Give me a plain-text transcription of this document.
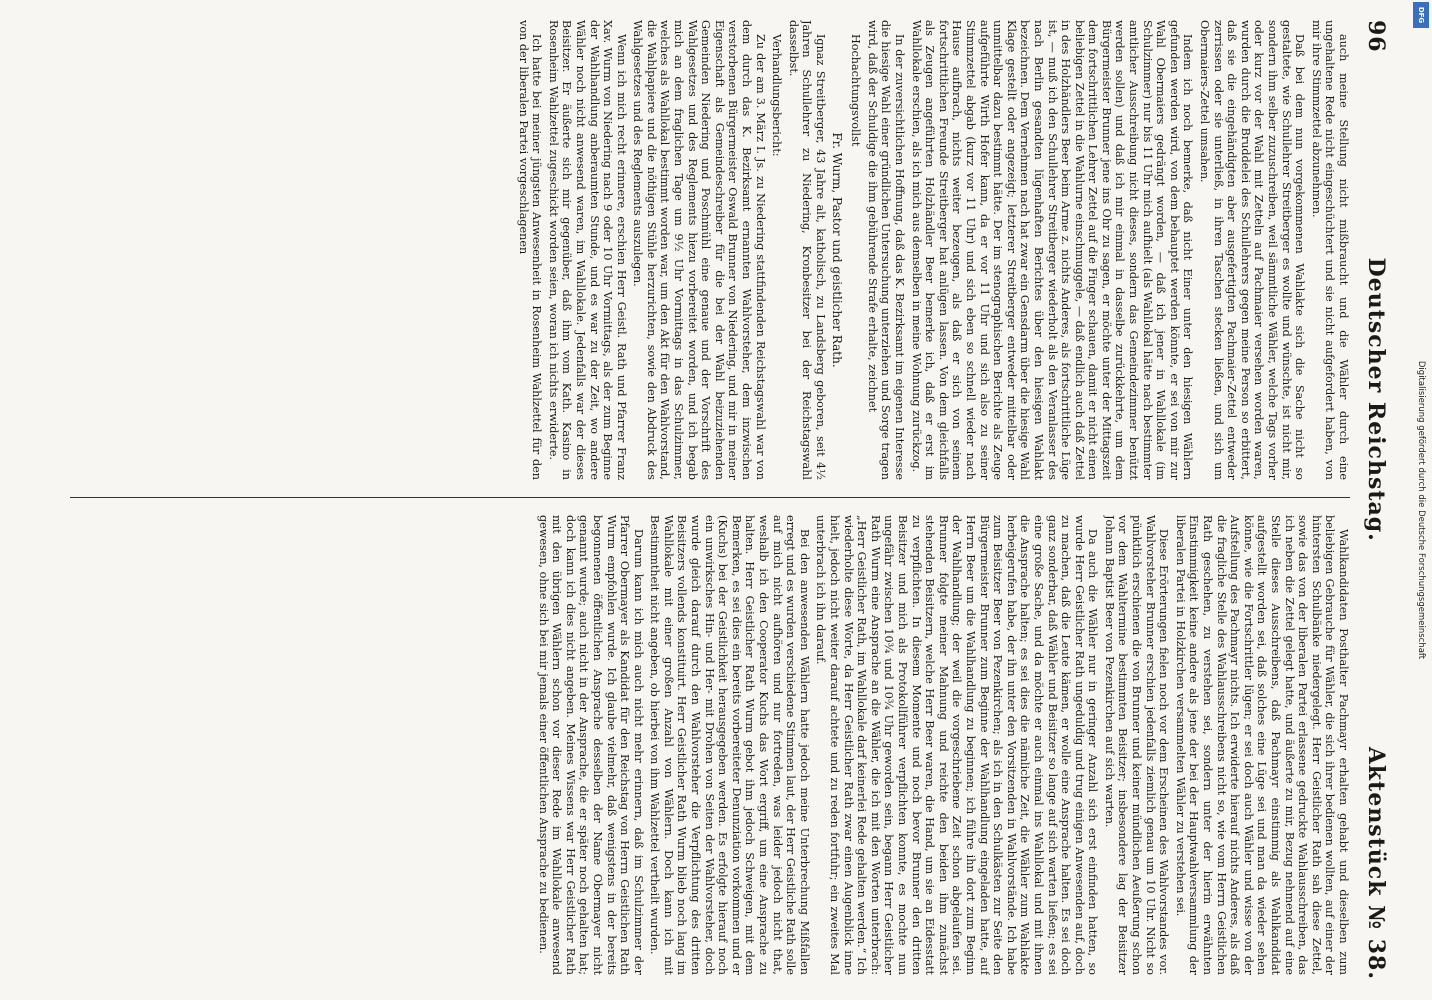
96
Deutscher Reichstag.
Aktenstück № 38.

auch meine Stellung nicht mißbraucht und die Wähler durch eine ungehaltene Rede nicht eingeschüchtert und sie nicht aufgefordert haben, von mir ihre Stimmzettel abzunehmen.

Daß bei dem nun vorgekommenen Wahlakte sich die Sache nicht so gestaltete, wie Schullehrer Streitberger es wollte und wünschte, ist nicht mir, sondern ihm selber zuzuschreiben, weil sämmtliche Wähler, welche Tags vorher oder kurz vor der Wahl mit Zetteln auf Pachmaier versehen worden waren, wurden durch die Bruddelei des Schullehrers gegen meine Person so erbittert, daß sie die eingehändigten aber ausgefertigten Pachmaier-Zettel entweder zerrissen oder sie unterließ, in ihren Taschen stecken ließen, und sich um Obermaiers-Zettel umsahen.

Indem ich noch bemerke, daß nicht Einer unter den hiesigen Wählern gefunden werden wird, von dem behauptet werden könnte, er sei von mir zur Wahl Obermaiers gedrängt worden, — daß ich jener in Wahllokale (im Schulzimmer) nur bis 11 Uhr mich aufhielt (als Wahllokal hätte nach bestimmter amtlicher Ausschreibung nicht dieses, sondern das Gemeindezimmer benützt werden sollen) und daß ich mir einmal in dasselbe zurückkehrte, um dem Bürgermeister Brunner jene ins Ohr zu sagen, er möchte unter der Mittagszeit dem fortschrittlichen Lehrer Zettel auf die Finger schauen, damit er nicht einen beliebigen Zettel in die Wahlurne einschmuggele, — daß endlich auch daß Zettel in des Holzhändlers Beer beim Arme z. nichts Anderes, als fortschrittliche Lüge ist, — muß ich den Schullehrer Streitberger wiederholt als den Veranlasser des nach Berlin gesandten lügenhaften Berichtes über den hiesigen Wahlakt bezeichnen. Dem Vernehmen nach hat zwar ein Gensdarm über die hiesige Wahl Klage gestellt oder angezeigt; letzterer Streitberger entweder mittelbar oder unmittelbar dazu bestimmt hätte. Der im stenographischen Berichte als Zeuge aufgeführte Wirth Hofer kann, da er vor 11 Uhr und sich also zu seiner Stimmzettel abgab (kurz vor 11 Uhr) und sich eben so schnell wieder nach Hause aufbrach, nichts weiter bezeugen, als daß er sich von seinem fortschrittlichen Freunde Streitberger hat anlügen lassen. Von dem gleichfalls als Zeugen angeführten Holzhändler Beer bemerke ich, daß er erst im Wahllokale erschien, als ich mich aus demselben in meine Wohnung zurückzog.

In der zuversichtlichen Hoffnung, daß das K. Bezirksamt im eigenen Interesse die hiesige Wahl einer gründlichen Untersuchung unterziehen und Sorge tragen wird, daß der Schuldige die ihm gebührende Strafe erhalte, zeichnet

Hochachtungsvollst

Fr. Wurm, Pastor und geistlicher Rath.

Ignaz Streitberger, 43 Jahre alt, katholisch, zu Landsberg geboren, seit 4½ Jahren Schullehrer zu Niedering, Kronbesitzer bei der Reichstagswahl dasselbst.

Verhandlungsbericht:

Zu der am 3. März I. Js. zu Niedering stattfindenden Reichstagswahl war von dem durch das K. Bezirksamt ernannten Wahlvorsteher, dem inzwischen verstorbenen Bürgermeister Oswald Brunner von Niedering, und mir in meiner Eigenschaft als Gemeindeschreiber für die bei der Wahl beizuziehenden Gemeinden Niedering und Poschmühl eine genaue und der Vorschrift des Wahlgesetzes und des Reglements hiezu vorbereitet worden, und ich begab mich an dem fraglichen Tage um 9½ Uhr Vormittags in das Schulzimmer, welches als Wahllokal bestimmt worden war, um den Akt für den Wahlvorstand, die Wahlpapiere und die nöthigen Stühle herzurichten, sowie den Abdruck des Wahlgesetzes und des Reglements auszulegen.

Wenn ich mich recht erinnere, erschien Herr Geistl. Rath und Pfarrer Franz Xav. Wurm von Niedering nach 9 oder 10 Uhr Vormittags, als der zum Beginne der Wahlhandlung anberaumten Stunde, und es war zu der Zeit, wo andere Wähler noch nicht anwesend waren, im Wahllokale. Jedenfalls war der dieses Beisitzer. Er äußerte sich mir gegenüber, daß ihm vom Kath. Kasino in Rosenheim Wahlzettel zugeschickt worden seien, woran ich nichts erwiderte.

Ich hatte bei meiner jüngsten Anwesenheit in Rosenheim Wahlzettel für den von der liberalen Partei vorgeschlagenen

Wahlkandidaten Posthalter Pachmayr erhalten gehabt und dieselben zum beliebigen Gebrauche für Wähler, die sich ihrer bedienen wollten, auf einer der hintersten Schulbänke niedergelegt. Herr Geistlicher Rath sah diese Zettel, sowie das von der liberalen Partei erlassene gedruckte Wahlausschreiben, das ich neben die Zettel gelegt hatte, und äußerte zu mir, Bezug nehmend auf eine Stelle dieses Ausschreibens, daß Pachmayr einstimmig als Wahlkandidat aufgestellt worden sei, daß solches eine Lüge sei und man da wieder sehen könne, wie die Fortschrittler lügen; er sei doch auch Wähler und wisse von der Aufstellung des Pachmayr nichts. Ich erwiderte hierauf nichts Anderes, als daß die fragliche Stelle des Wahlausschreibens nicht so, wie vom Herrn Geistlichen Rath geschehen, zu verstehen sei, sondern unter der hierin erwähnten Einstimmigkeit keine andere als jene der bei der Hauptwahlversammlung der liberalen Partei in Holzkirchen versammelten Wähler zu verstehen sei.

Diese Erörterungen fielen noch vor dem Erscheinen des Wahlvorstandes vor. Wahlvorsteher Brunner erschien jedenfalls ziemlich genau um 10 Uhr. Nicht so pünktlich erschienen die von Brunner und keiner mündlichen Aeußerung schon vor dem Wahltermine bestimmten Beisitzer; insbesondere lag der Beisitzer Johann Baptist Beer von Pezenkirchen auf sich warten.

Da auch die Wähler nur in geringer Anzahl sich erst einfinden hatten, so wurde Herr Geistlicher Rath ungeduldig und trug einigen Anwesenden auf, doch zu machen, daß die Leute kämen, er wolle eine Ansprache halten. Es sei doch ganz sonderbar, daß Wähler und Beisitzer so lange auf sich warten ließen; es sei eine große Sache, und da möchte er auch einmal ins Wahllokal und mit ihnen die Ansprache halten; es sei dies die nämliche Zeit, die Wähler zum Wahlakte herbeigerufen habe, der ihn unter den Vorsitzenden in Wahlvorstände. Ich habe zum Beisitzer Beer von Pezenkirchen; als ich in den Schulkästen zur Seite den Bürgermeister Brunner zum Beginne der Wahlhandlung eingeladen hatte, auf Herrn Beer um die Wahlhandlung zu beginnen; ich führe ihn dort zum Beginn der Wahlhandlung; der weil die vorgeschriebene Zeit schon abgelaufen sei. Brunner folgte meiner Mahnung und reichte den beiden ihm zunächst stehenden Beisitzern, welche Herr Beer waren, die Hand, um sie an Eidesstatt zu verpflichten. In diesem Momente und noch bevor Brunner den dritten Beisitzer und mich als Protokollführer verpflichten konnte, es mochte nun ungefähr zwischen 10¾ und 10¾ Uhr geworden sein, begann Herr Geistlicher Rath Wurm eine Ansprache an die Wähler, die ich mit den Worten unterbrach: „Herr Geistlicher Rath, im Wahllokale darf keinerlei Rede gehalten werden.“ Ich wiederholte diese Worte, da Herr Geistlicher Rath zwar einen Augenblick inne hielt, jedoch nicht weiter darauf achtete und zu reden fortfuhr; ein zweites Mal unterbrach ich ihn darauf.

Bei den anwesenden Wählern hatte jedoch meine Unterbrechung Mißfallen erregt und es wurden verschiedene Stimmen laut, der Herr Geistliche Rath solle auf mich nicht aufhören und nur fortreden, was leider jedoch nicht that, weshalb ich den Cooperator Kuchs das Wort ergriff, um eine Ansprache zu halten. Herr Geistlicher Rath Wurm gebot ihm jedoch Schweigen, mit dem Bemerken, es sei dies ein bereits vorbereiteter Denunziation vorkommen und er (Kuchs) bei der Geistlichkeit herausgegeben werden. Es erfolgte hierauf noch ein unwirksches Hin- und Her- mit Drohen von Seiten der Wahlvorsteher, doch wurde gleich darauf durch den Wahlvorsteher die Verpflichtung des dritten Beisitzers vollends konstituirt. Herr Geistlicher Rath Wurm blieb noch lang im Wahllokale mit einer großen Anzahl von Wählern. Doch kann ich mit Bestimmtheit nicht angeben, ob hierbei von ihm Wahlzettel vertheilt wurden.

Darum kann ich mich auch nicht mehr erinnern, daß im Schulzimmer der Pfarrer Obermayer als Kandidat für den Reichstag von Herrn Geistlichen Rath Wurm empfohlen wurde. Ich glaube vielmehr, daß wenigstens in der bereits begonnenen öffentlichen Ansprache desselben der Name Obermayer nicht genannt wurde; auch nicht in der Ansprache, die er später noch gehalten hat; doch kann ich dies nicht angeben. Meines Wissens war Herr Geistlicher Rath mit den übrigen Wählern schon vor dieser Rede im Wahllokale anwesend gewesen, ohne sich bei mir jemals einer öffentlichen Ansprache zu bedienen.

DFG
Digitalisierung gefördert durch die Deutsche Forschungsgemeinschaft
